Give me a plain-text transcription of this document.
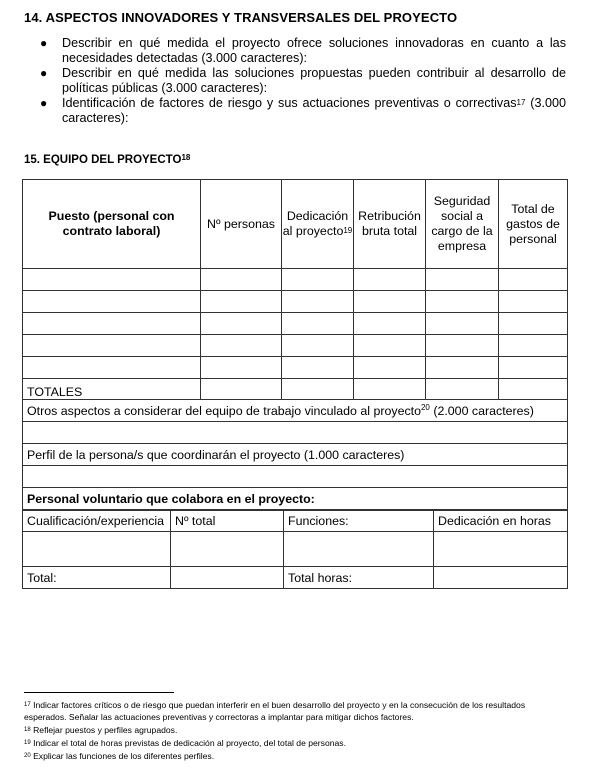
14. ASPECTOS INNOVADORES Y TRANSVERSALES DEL PROYECTO
● Describir en qué medida el proyecto ofrece soluciones innovadoras en cuanto a las necesidades detectadas (3.000 caracteres):
● Describir en qué medida las soluciones propuestas pueden contribuir al desarrollo de políticas públicas (3.000 caracteres):
● Identificación de factores de riesgo y sus actuaciones preventivas o correctivas$^{17}$ (3.000 caracteres):
15. EQUIPO DEL PROYECTO$^{18}$
Puesto (personal con contrato laboral)	Nº personas	Dedicación al proyecto$^{19}$	Retribución bruta total	Seguridad social a cargo de la empresa	Total de gastos de personal

TOTALES					
Otros aspectos a considerar del equipo de trabajo vinculado al proyecto$^{20}$ (2.000 caracteres)					

Perfil de la persona/s que coordinarán el proyecto (1.000 caracteres)					

Personal voluntario que colabora en el proyecto:					
Cualificación/experiencia	Nº total	Funciones:	Dedicación en horas

Total:		Total horas:	

$^{17}$ Indicar factores críticos o de riesgo que puedan interferir en el buen desarrollo del proyecto y en la consecución de los resultados esperados. Señalar las actuaciones preventivas y correctoras a implantar para mitigar dichos factores.

$^{18}$ Reflejar puestos y perfiles agrupados.

$^{19}$ Indicar el total de horas previstas de dedicación al proyecto, del total de personas.

$^{20}$ Explicar las funciones de los diferentes perfiles.
